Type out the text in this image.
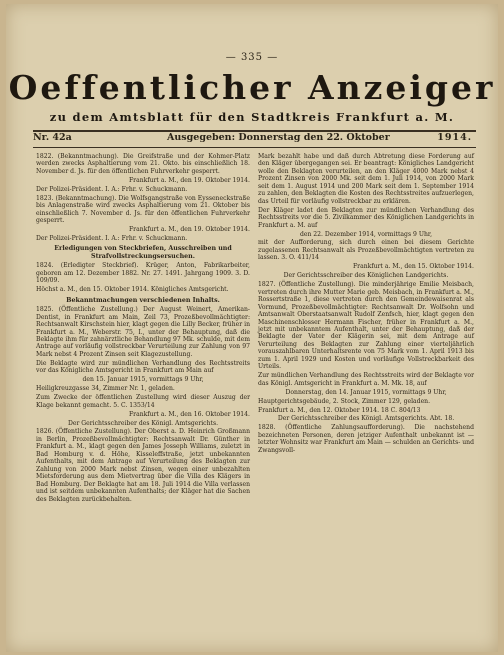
— 335 —
Oeffentlicher Anzeiger
zu dem Amtsblatt für den Stadtkreis Frankfurt a. M.
Nr. 42a	Ausgegeben: Donnerstag den 22. Oktober	1914.

1822. (Bekanntmachung). Die Greifstraße und der Kohmer-Platz werden zwecks Asphaltierung vom 21. Okto. bis einschließlich 18. November d. Js. für den öffentlichen Fuhrverkehr gesperrt.

Frankfurt a. M., den 19. Oktober 1914.

Der Polizei-Präsident. I. A.: Frhr. v. Schuckmann.

1823. (Bekanntmachung). Die Wolfsgangstraße von Eysseneckstraße bis Anlagenstraße wird zwecks Asphaltierung vom 21. Oktober bis einschließlich 7. November d. Js. für den öffentlichen Fuhrverkehr gesperrt.

Frankfurt a. M., den 19. Oktober 1914.

Der Polizei-Präsident. I. A.: Frhr. v. Schuckmann.

Erledigungen von Steckbriefen, Ausschreiben und Strafvollstreckungsersuchen.

1824. (Erledigter Steckbrief). Krüger, Anton, Fabrikarbeiter, geboren am 12. Dezember 1882. Nr. 27. 1491. Jahrgang 1909. 3. D. 109/09.

Höchst a. M., den 15. Oktober 1914. Königliches Amtsgericht.

Bekanntmachungen verschiedenen Inhalts.

1825. (Öffentliche Zustellung.) Der August Weinert, Amerikan-Dentist, in Frankfurt am Main, Zeil 73, Prozeßbevollmächtigter: Rechtsanwalt Kirschstein hier, klagt gegen die Lilly Becker, früher in Frankfurt a. M., Weberstr. 75, I., unter der Behauptung, daß die Beklagte ihm für zahnärztliche Behandlung 97 Mk. schulde, mit dem Antrage auf vorläufig vollstreckbar Verurteilung zur Zahlung von 97 Mark nebst 4 Prozent Zinsen seit Klagezustellung.

Die Beklagte wird zur mündlichen Verhandlung des Rechtsstreits vor das Königliche Amtsgericht in Frankfurt am Main auf

den 15. Januar 1915, vormittags 9 Uhr,

Heiligkreuzgasse 34, Zimmer Nr. 1, geladen.

Zum Zwecke der öffentlichen Zustellung wird dieser Auszug der Klage bekannt gemacht. 5. C. 1353/14

Frankfurt a. M., den 16. Oktober 1914.

Der Gerichtsschreiber des Königl. Amtsgerichts.

1826. (Öffentliche Zustellung). Der Oberst a. D. Heinrich Großmann in Berlin, Prozeßbevollmächtigter: Rechtsanwalt Dr. Günther in Frankfurt a. M., klagt gegen den James Josseph Williams, zuletzt in Bad Homburg v. d. Höhe, Kisseleffstraße, jetzt unbekannten Aufenthalts, mit dem Antrage auf Verurteilung des Beklagten zur Zahlung von 2000 Mark nebst Zinsen, wegen einer unbezahlten Mietsforderung aus dem Mietvertrag über die Villa des Klägers in Bad Homburg. Der Beklagte hat am 18. Juli 1914 die Villa verlassen und ist seitdem unbekannten Aufenthalts; der Kläger hat die Sachen des Beklagten zurückbehalten.

Mark bezahlt habe und daß durch Abtretung diese Forderung auf den Kläger übergegangen sei. Er beantragt: Königliches Landgericht wolle den Beklagten verurteilen, an den Kläger 4000 Mark nebst 4 Prozent Zinsen von 2000 Mk. seit dem 1. Juli 1914, von 2000 Mark seit dem 1. August 1914 und 200 Mark seit dem 1. September 1914 zu zahlen, den Beklagten die Kosten des Rechtsstreites aufzuerlegen, das Urteil für vorläufig vollstreckbar zu erklären.

Der Kläger ladet den Beklagten zur mündlichen Verhandlung des Rechtsstreits vor die 5. Zivilkammer des Königlichen Landgerichts in Frankfurt a. M. auf

den 22. Dezember 1914, vormittags 9 Uhr,

mit der Aufforderung, sich durch einen bei diesem Gerichte zugelassenen Rechtsanwalt als Prozeßbevollmächtigten vertreten zu lassen. 3. O. 411/14

Frankfurt a. M., den 15. Oktober 1914.

Der Gerichtsschreiber des Königlichen Landgerichts.

1827. (Öffentliche Zustellung). Die minderjährige Emilie Meisbach, vertreten durch ihre Mutter Marie geb. Meisbach, in Frankfurt a. M., Rossertstraße 1, diese vertreten durch den Gemeindewaisenrat als Vormund, Prozeßbevollmächtigter: Rechtsanwalt Dr. Wolfsohn und Amtsanwalt Oberstaatsanwalt Rudolf Zenfsch, hier, klagt gegen den Maschinenschlosser Hermann Fischer, früher in Frankfurt a. M., jetzt mit unbekanntem Aufenthalt, unter der Behauptung, daß der Beklagte der Vater der Klägerin sei, mit dem Antrage auf Verurteilung des Beklagten zur Zahlung einer vierteljährlich vorauszahlbaren Unterhaltsrente von 75 Mark vom 1. April 1913 bis zum 1. April 1929 und Kosten und vorläufige Vollstreckbarkeit des Urteils.

Zur mündlichen Verhandlung des Rechtsstreits wird der Beklagte vor das Königl. Amtsgericht in Frankfurt a. M. Mk. 18, auf

Donnerstag, den 14. Januar 1915, vormittags 9 Uhr,

Hauptgerichtsgebäude, 2. Stock, Zimmer 129, geladen.

Frankfurt a. M., den 12. Oktober 1914. 18 C. 804/13

Der Gerichtsschreiber des Königl. Amtsgerichts. Abt. 18.

1828. (Öffentliche Zahlungsaufforderung). Die nachstehend bezeichneten Personen, deren jetziger Aufenthalt unbekannt ist — letzter Wohnsitz war Frankfurt am Main — schulden an Gerichts- und Zwangsvoll-
